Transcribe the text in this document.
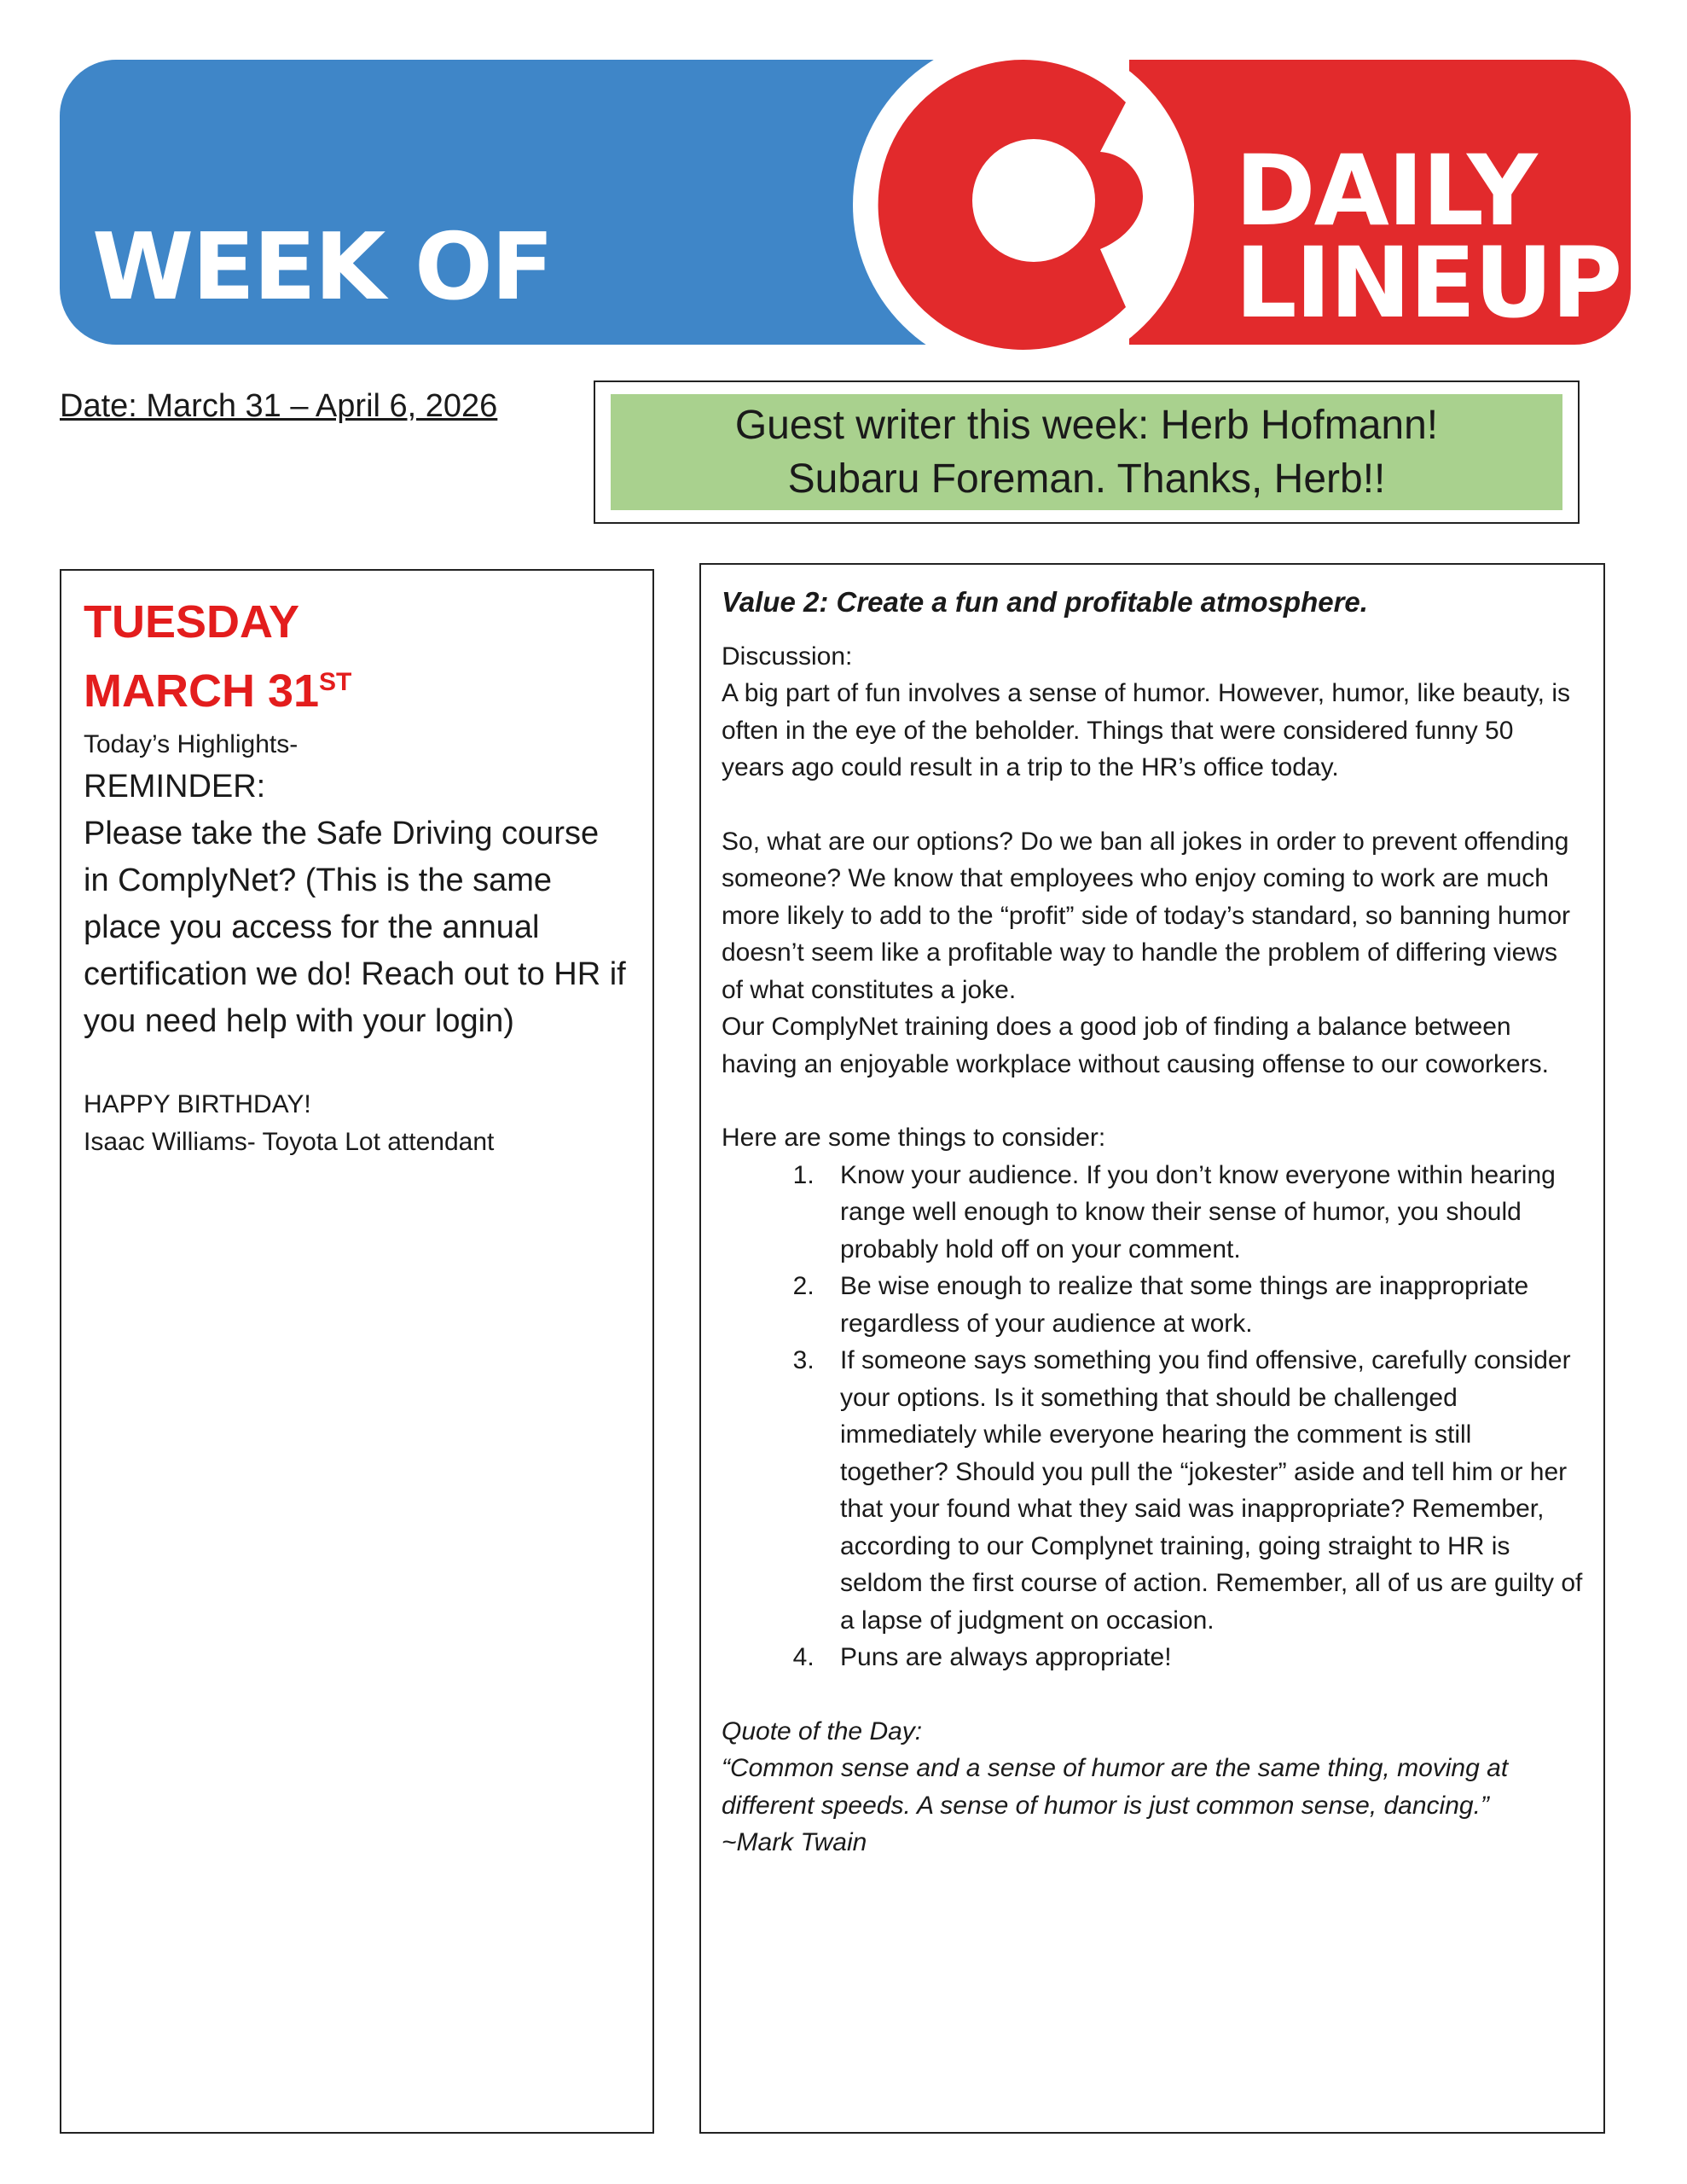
WEEK OF
DAILY
LINEUP
Date: March 31 – April 6, 2026	Guest writer this week: Herb Hofmann!
Subaru Foreman. Thanks, Herb!!
TUESDAY
MARCH 31ST
Today’s Highlights-
REMINDER:
Please take the Safe Driving course in ComplyNet? (This is the same place you access for the annual certification we do! Reach out to HR if you need help with your login)
HAPPY BIRTHDAY!
Isaac Williams- Toyota Lot attendant
Value 2: Create a fun and profitable atmosphere.

Discussion:

A big part of fun involves a sense of humor. However, humor, like beauty, is often in the eye of the beholder. Things that were considered funny 50 years ago could result in a trip to the HR’s office today.

So, what are our options? Do we ban all jokes in order to prevent offending someone? We know that employees who enjoy coming to work are much more likely to add to the “profit” side of today’s standard, so banning humor doesn’t seem like a profitable way to handle the problem of differing views of what constitutes a joke.

Our ComplyNet training does a good job of finding a balance between having an enjoyable workplace without causing offense to our coworkers.

Here are some things to consider:

1. Know your audience. If you don’t know everyone within hearing range well enough to know their sense of humor, you should probably hold off on your comment.
2. Be wise enough to realize that some things are inappropriate regardless of your audience at work.
3. If someone says something you find offensive, carefully consider your options. Is it something that should be challenged immediately while everyone hearing the comment is still together? Should you pull the “jokester” aside and tell him or her that your found what they said was inappropriate? Remember, according to our Complynet training, going straight to HR is seldom the first course of action. Remember, all of us are guilty of a lapse of judgment on occasion.
4. Puns are always appropriate!

Quote of the Day:

“Common sense and a sense of humor are the same thing, moving at different speeds. A sense of humor is just common sense, dancing.”

~Mark Twain
